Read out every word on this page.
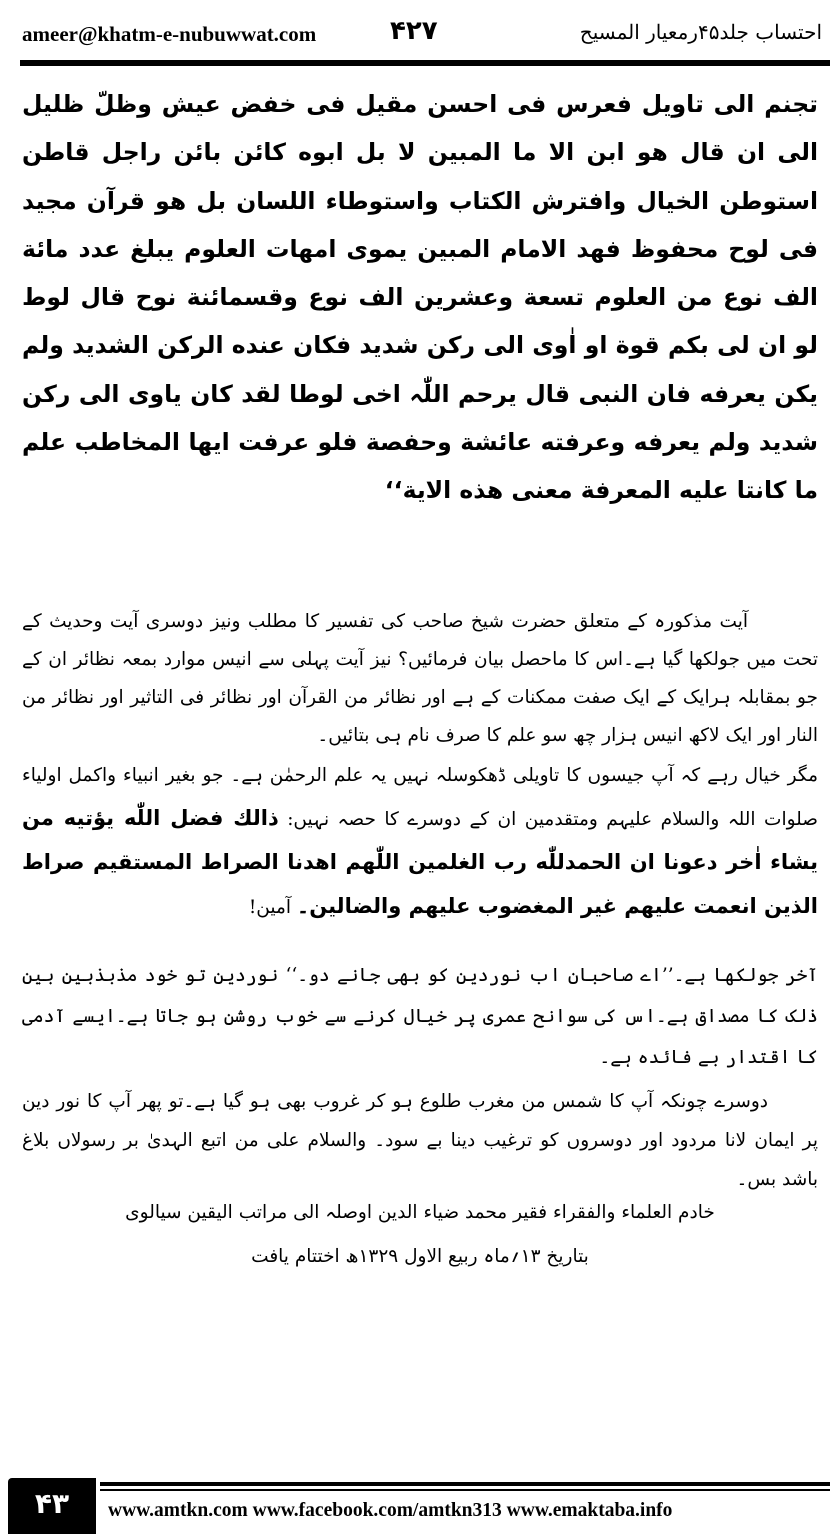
ameer@khatm-e-nubuwwat.com	۴۲۷	احتساب جلد۴۵رمعیار المسیح
تجنم الی تاویل فعرس فی احسن مقیل فی خفض عیش وظلّ ظلیل الی ان قال هو ابن الا ما المبین لا بل ابوه کائن بائن راجل قاطن استوطن الخیال وافترش الکتاب واستوطاء اللسان بل هو قرآن مجید فی لوح محفوظ فهد الامام المبین یموی امهات العلوم یبلغ عدد مائة الف نوع من العلوم تسعة وعشرین الف نوع وقسمائنة نوح قال لوط لو ان لی بکم قوة او اٰوی الی رکن شدید فکان عنده الرکن الشدید ولم یکن یعرفه فان النبی قال یرحم اللّٰہ اخی لوطا لقد کان یاوی الی رکن شدید ولم یعرفه وعرفته عائشة وحفصة فلو عرفت ایها المخاطب علم ما کانتا علیه المعرفة معنی هذه الایة‘‘
آیت مذکورہ کے متعلق حضرت شیخ صاحب کی تفسیر کا مطلب ونیز دوسری آیت وحدیث کے تحت میں جولکھا گیا ہے۔اس کا ماحصل بیان فرمائیں؟ نیز آیت پہلی سے انیس موارد بمعہ نظائر ان کے جو بمقابلہ ہرایک کے ایک صفت ممکنات کے ہے اور نظائر من القرآن اور نظائر فی التاثیر اور نظائر من النار اور ایک لاکھ انیس ہزار چھ سو علم کا صرف نام ہی بتائیں۔
مگر خیال رہے کہ آپ جیسوں کا تاویلی ڈھکوسلہ نہیں یہ علم الرحمٰن ہے۔ جو بغیر انبیاء واکمل اولیاء صلوات اللہ والسلام علیہم ومتقدمین ان کے دوسرے کا حصہ نہیں: ذالك فضل اللّٰه یؤتیه من یشاء اٰخر دعونا ان الحمدللّٰه رب الغلمین اللّٰهم اهدنا الصراط المستقیم صراط الذین انعمت علیهم غیر المغضوب علیهم والضالین۔ آمین!
آخر جولکھا ہے۔’’اے صاحبان اب نوردین کو بھی جانے دو۔‘‘ نوردین تو خود مذبذبین بین ذٰلک کا مصداق ہے۔اس کی سوانح عمری پر خیال کرنے سے خوب روشن ہو جاتا ہے۔ایسے آدمی کا اقتدار بے فائدہ ہے۔
دوسرے چونکہ آپ کا شمس من مغرب طلوع ہو کر غروب بھی ہو گیا ہے۔تو پھر آپ کا نور دین پر ایمان لانا مردود اور دوسروں کو ترغیب دینا بے سود۔ والسلام علی من اتبع الہدیٰ بر رسولاں بلاغ باشد بس۔
خادم العلماء والفقراء فقیر محمد ضیاء الدین اوصلہ الی مراتب الیقین سیالوی
بتاریخ ۱۳؍ماہ ربیع الاول ۱۳۲۹ھ اختتام یافت
۴۳	www.amtkn.com www.facebook.com/amtkn313 www.emaktaba.info
